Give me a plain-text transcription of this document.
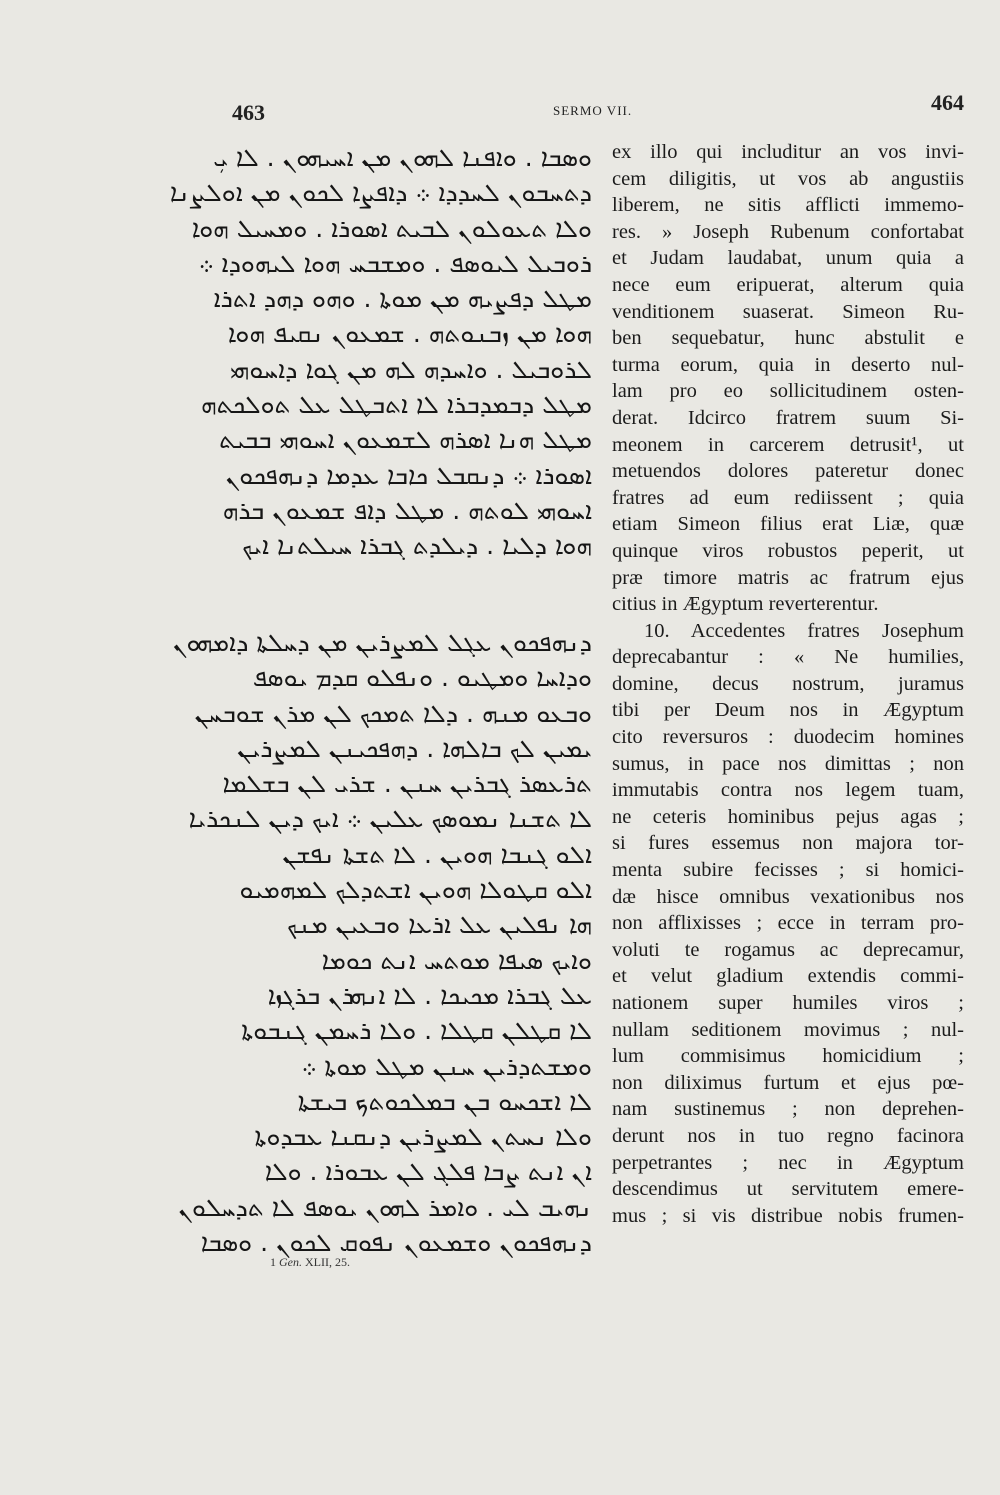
463	SERMO VII.	464
ܘܣܒܐ . ܘܐܦܢܐ ܠܗܘܢ ܡܢ ܐܚܝܗܘܢ . ܠܐ ܝܼ
ܕܬܚܒܘܢ ܠܚܕܕܐ ܀ ܕܐܦܨܐ ܠܟܘܢ ܡܢ ܐܘܠܨܢܐ
ܘܠܐ ܬܥܘܠܘܢ ܠܒܝܬ ܐܣܘܪܐ . ܘܡܚܝܠ ܗܘܐ
ܪܘܒܝܠ ܠܝܘܣܦ . ܘܡܫܒܚ ܗܘܐ ܠܝܗܘܕܐ ܀
ܡܛܠ ܕܦܨܝܗ ܡܢ ܡܘܬܐ . ܘܗܘ ܕܗܕ ܐܬܪܐ
ܗܘܐ ܡܢ ܙܒܢܘܬܗ . ܫܡܥܘܢ ܢܩܝܦ ܗܘܐ
ܠܪܘܒܝܠ . ܘܐܚܕܗ ܠܗ ܡܢ ܓܘܐ ܕܐܚܘܗܝ
ܡܛܠ ܕܒܡܕܒܪܐ ܠܐ ܐܬܒܛܠ ܥܠ ܬܘܠܟܬܗ
ܡܛܠ ܗܢܐ ܐܣܪܗ ܠܫܡܥܘܢ ܐܚܘܗܝ ܒܒܝܬ
ܐܣܘܪܐ ܀ ܕܢܩܒܠ ܟܐܒܐ ܥܕܡܐ ܕܢܗܦܟܘܢ
ܐܚܘܗܝ ܠܘܬܗ . ܡܛܠ ܕܐܦ ܫܡܥܘܢ ܒܪܗ
ܗܘܐ ܕܠܝܐ . ܕܝܠܕܬ ܓܒܪܐ ܚܝܠܬܢܐ ܐܝܟ
ܕܢܗܦܟܘܢ ܥܓܠ ܠܡܨܪܝܢ ܡܢ ܕܚܠܬܐ ܕܐܡܗܘܢ
ܘܕܐܚܐ ܘܡܛܝܘ . ܘܢܦܠܘ ܩܕܡ ܝܘܣܦ
ܘܒܥܘ ܡܢܗ . ܕܠܐ ܬܡܟܟ ܠܢ ܡܪܢ ܫܘܒܚܢ
ܝܡܝܢ ܠܟ ܒܐܠܗܐ . ܕܗܦܟܝܢܢ ܠܡܨܪܝܢ
ܬܪܥܣܪ ܓܒܪܝܢ ܚܢܢ . ܫܪܝ ܠܢ ܒܫܠܡܐ
ܠܐ ܬܫܢܐ ܢܡܘܣܟ ܥܠܝܢ ܀ ܐܝܟ ܕܝܢ ܠܢܟܪܝܐ
ܐܠܘ ܓܢܒܐ ܗܘܝܢ . ܠܐ ܬܫܬܐ ܢܦܫܢ
ܐܠܘ ܩܛܘܠܐ ܗܘܝܢ ܐܫܬܕܠܟ ܠܡܗܡܝܘ
ܗܐ ܢܦܠܝܢ ܥܠ ܐܪܥܐ ܘܒܥܝܢ ܡܢܟ
ܘܐܝܟ ܣܝܦܐ ܡܘܬܚ ܐܢܬ ܟܘܡܐ
ܥܠ ܓܒܪܐ ܡܟܝܟܐ . ܠܐ ܐܢܗܪܢ ܒܪܓܙܐ
ܠܐ ܩܛܠܢ ܩܛܠܐ . ܘܠܐ ܪܚܡܢ ܓܢܒܘܬܐ
ܘܡܫܬܕܪܝܢ ܚܢܢ ܡܛܠ ܡܘܬܐ ܀
ܠܐ ܐܫܟܚܘ ܒܢ ܒܡܠܟܘܬܟ ܒܝܫܬܐ
ܘܠܐ ܢܚܬܢ ܠܡܨܪܝܢ ܕܢܩܢܐ ܥܒܕܘܬܐ
ܐܢ ܐܢܬ ܨܒܐ ܦܠܓ ܠܢ ܥܒܘܪܐ . ܘܠܐ
ܢܗܝܒ ܠܝ . ܘܐܡܪ ܠܗܘܢ ܝܘܣܦ ܠܐ ܬܕܚܠܘܢ
ܕܢܗܦܟܘܢ ܘܫܡܥܘܢ ܢܦܘܩ ܠܟܘܢ . ܘܣܒܐ
1 Gen. XLII, 25.
ex illo qui includitur an vos invi-
cem diligitis, ut vos ab angustiis
liberem, ne sitis afflicti immemo-
res. » Joseph Rubenum confortabat
et Judam laudabat, unum quia a
nece eum eripuerat, alterum quia
venditionem suaserat. Simeon Ru-
ben sequebatur, hunc abstulit e
turma eorum, quia in deserto nul-
lam pro eo sollicitudinem osten-
derat. Idcirco fratrem suum Si-
meonem in carcerem detrusit¹, ut
metuendos dolores pateretur donec
fratres ad eum rediissent ; quia
etiam Simeon filius erat Liæ, quæ
quinque viros robustos peperit, ut
præ timore matris ac fratrum ejus
citius in Ægyptum reverterentur.
10. Accedentes fratres Josephum
deprecabantur : « Ne humilies,
domine, decus nostrum, juramus
tibi per Deum nos in Ægyptum
cito reversuros : duodecim homines
sumus, in pace nos dimittas ; non
immutabis contra nos legem tuam,
ne ceteris hominibus pejus agas ;
si fures essemus non majora tor-
menta subire fecisses ; si homici-
dæ hisce omnibus vexationibus nos
non afflixisses ; ecce in terram pro-
voluti te rogamus ac deprecamur,
et velut gladium extendis commi-
nationem super humiles viros ;
nullam seditionem movimus ; nul-
lum commisimus homicidium ;
non diliximus furtum et ejus pœ-
nam sustinemus ; non deprehen-
derunt nos in tuo regno facinora
perpetrantes ; nec in Ægyptum
descendimus ut servitutem emere-
mus ; si vis distribue nobis frumen-
